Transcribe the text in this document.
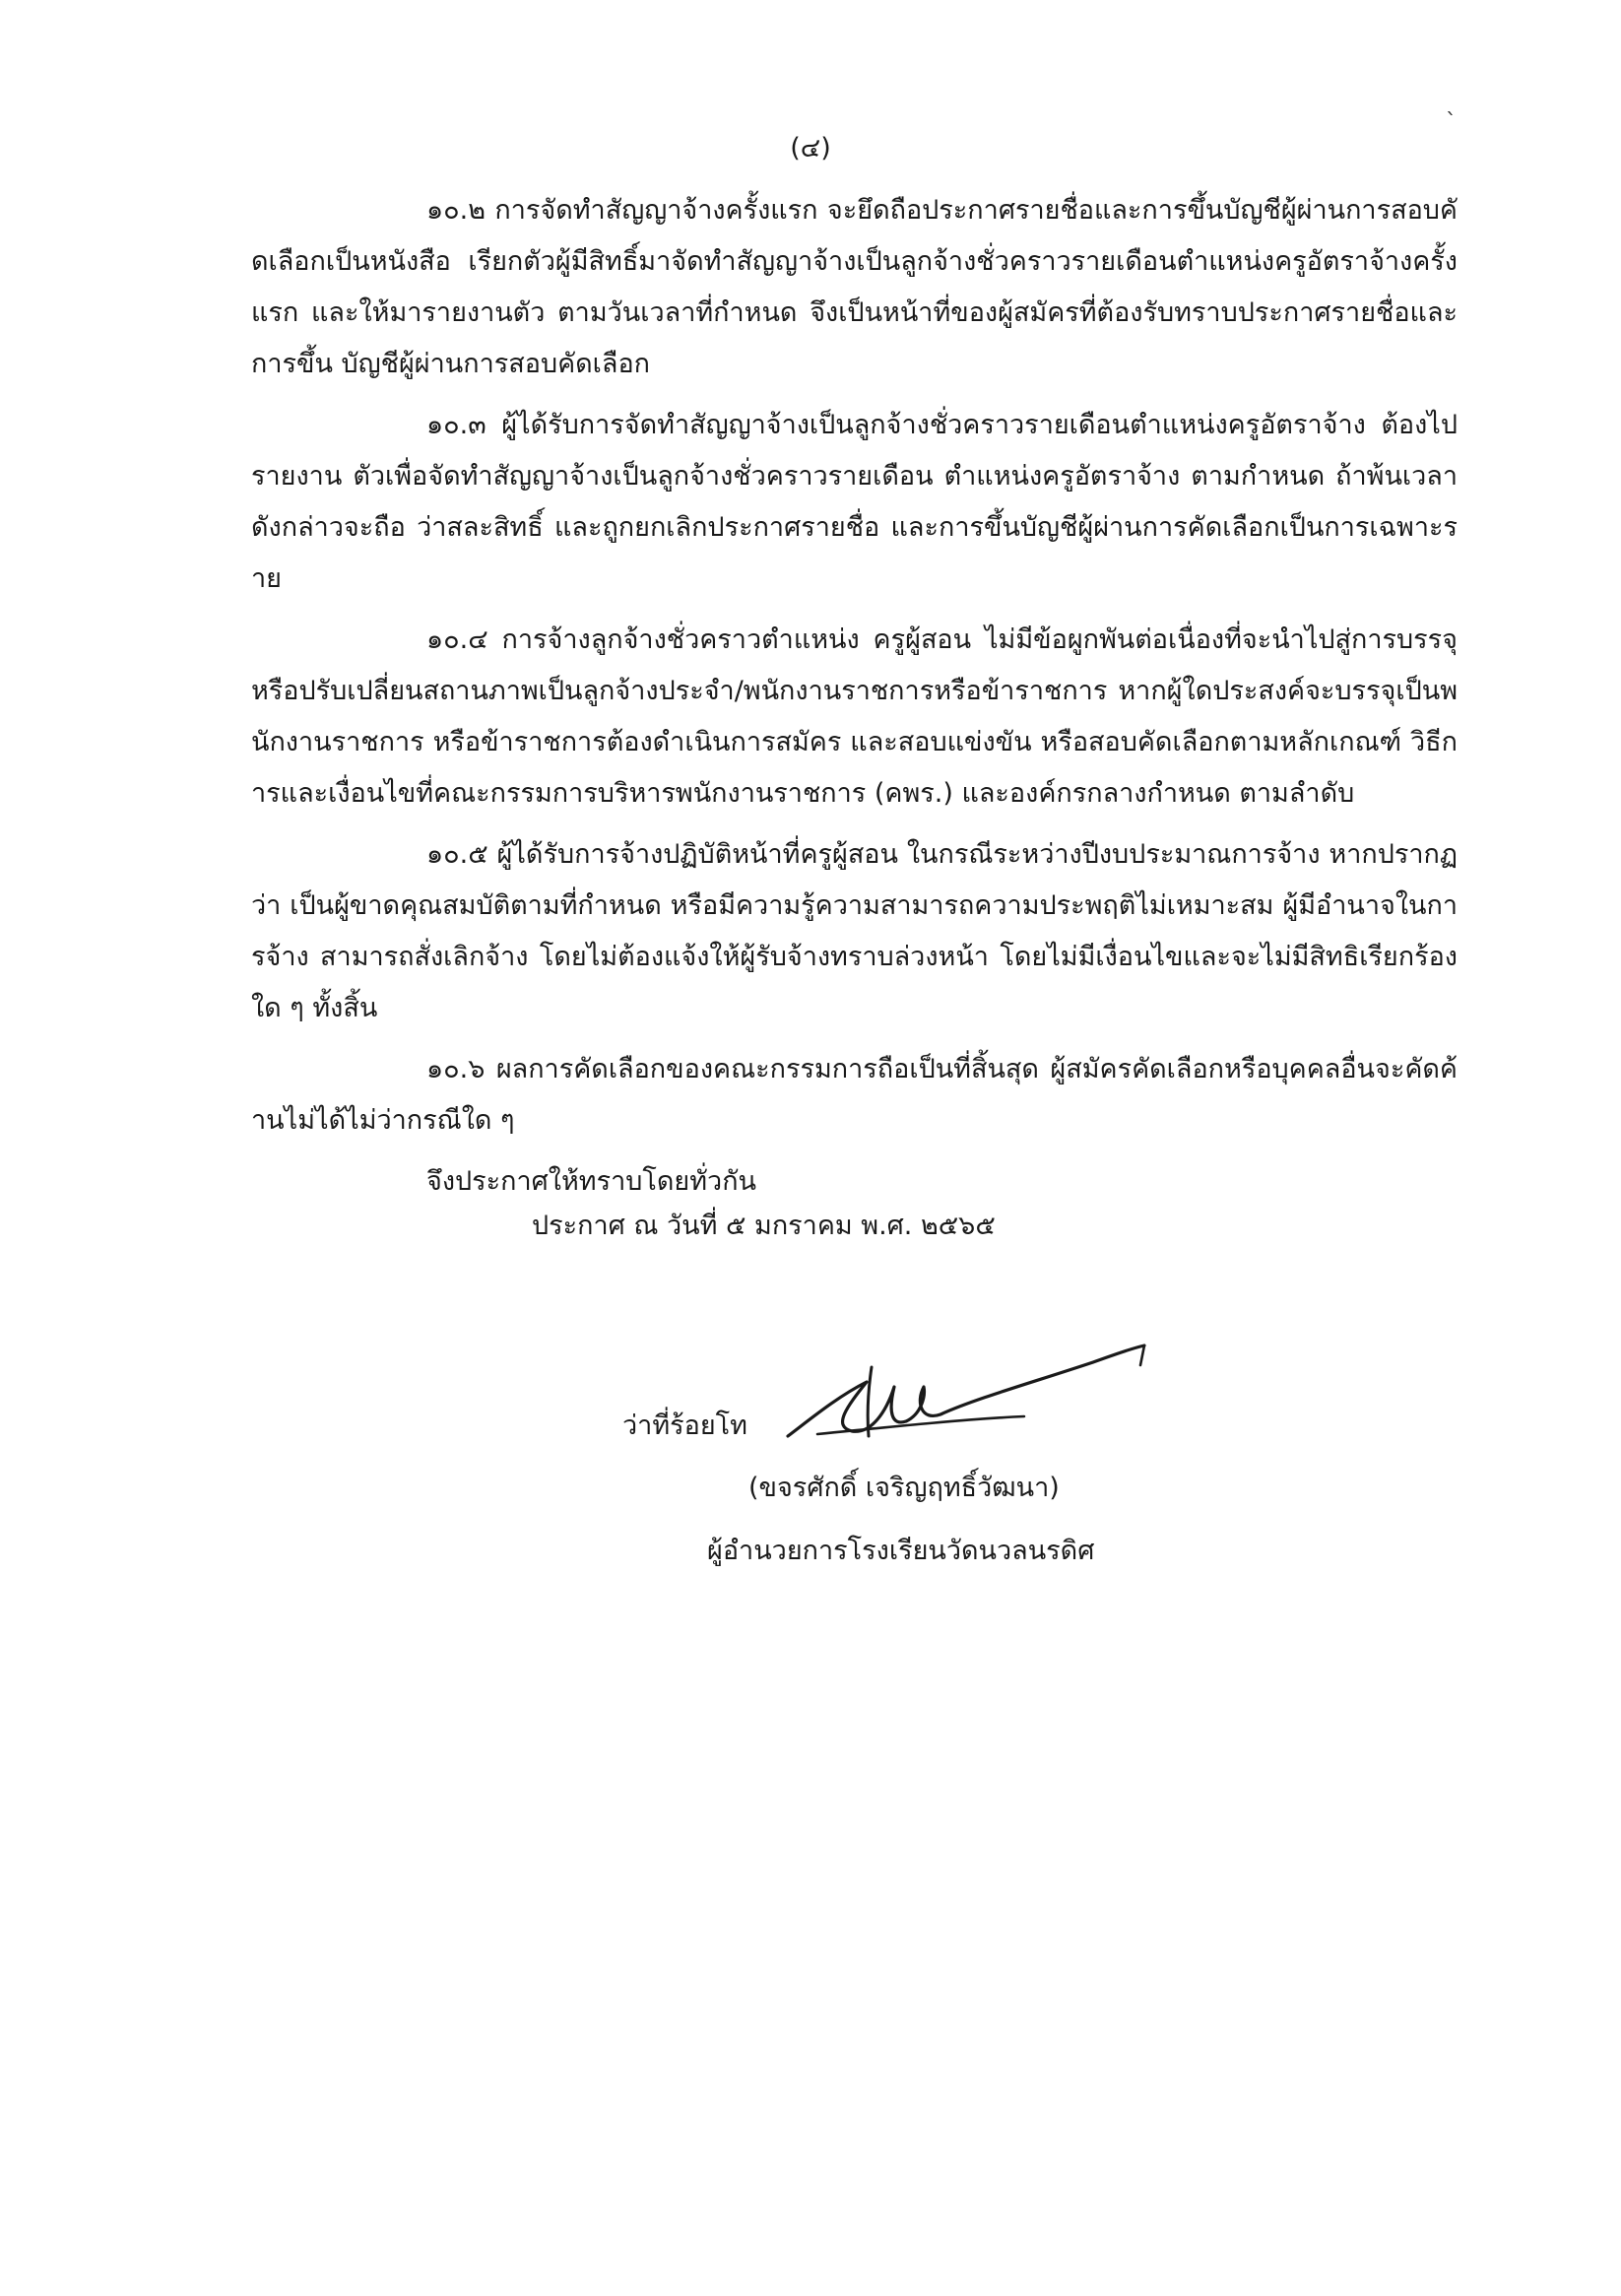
(๔)
`

๑๐.๒ การจัดทำสัญญาจ้างครั้งแรก จะยึดถือประกาศรายชื่อและการขึ้นบัญชีผู้ผ่านการสอบคัดเลือกเป็นหนังสือ เรียกตัวผู้มีสิทธิ์มาจัดทำสัญญาจ้างเป็นลูกจ้างชั่วคราวรายเดือนตำแหน่งครูอัตราจ้างครั้งแรก และให้มารายงานตัว ตามวันเวลาที่กำหนด จึงเป็นหน้าที่ของผู้สมัครที่ต้องรับทราบประกาศรายชื่อและการขึ้น บัญชีผู้ผ่านการสอบคัดเลือก

๑๐.๓ ผู้ได้รับการจัดทำสัญญาจ้างเป็นลูกจ้างชั่วคราวรายเดือนตำแหน่งครูอัตราจ้าง ต้องไปรายงาน ตัวเพื่อจัดทำสัญญาจ้างเป็นลูกจ้างชั่วคราวรายเดือน ตำแหน่งครูอัตราจ้าง ตามกำหนด ถ้าพ้นเวลาดังกล่าวจะถือ ว่าสละสิทธิ์ และถูกยกเลิกประกาศรายชื่อ และการขึ้นบัญชีผู้ผ่านการคัดเลือกเป็นการเฉพาะราย

๑๐.๔ การจ้างลูกจ้างชั่วคราวตำแหน่ง ครูผู้สอน ไม่มีข้อผูกพันต่อเนื่องที่จะนำไปสู่การบรรจุหรือปรับเปลี่ยนสถานภาพเป็นลูกจ้างประจำ/พนักงานราชการหรือข้าราชการ หากผู้ใดประสงค์จะบรรจุเป็นพนักงานราชการ หรือข้าราชการต้องดำเนินการสมัคร และสอบแข่งขัน หรือสอบคัดเลือกตามหลักเกณฑ์ วิธีการและเงื่อนไขที่คณะกรรมการบริหารพนักงานราชการ (คพร.) และองค์กรกลางกำหนด ตามลำดับ

๑๐.๕ ผู้ได้รับการจ้างปฏิบัติหน้าที่ครูผู้สอน ในกรณีระหว่างปีงบประมาณการจ้าง หากปรากฏว่า เป็นผู้ขาดคุณสมบัติตามที่กำหนด หรือมีความรู้ความสามารถความประพฤติไม่เหมาะสม ผู้มีอำนาจในการจ้าง สามารถสั่งเลิกจ้าง โดยไม่ต้องแจ้งให้ผู้รับจ้างทราบล่วงหน้า โดยไม่มีเงื่อนไขและจะไม่มีสิทธิเรียกร้องใด ๆ ทั้งสิ้น

๑๐.๖ ผลการคัดเลือกของคณะกรรมการถือเป็นที่สิ้นสุด ผู้สมัครคัดเลือกหรือบุคคลอื่นจะคัดค้านไม่ได้ไม่ว่ากรณีใด ๆ

จึงประกาศให้ทราบโดยทั่วกัน

ประกาศ ณ วันที่ ๕ มกราคม พ.ศ. ๒๕๖๕
ว่าที่ร้อยโท
(ขจรศักดิ์ เจริญฤทธิ์วัฒนา)
ผู้อำนวยการโรงเรียนวัดนวลนรดิศ
